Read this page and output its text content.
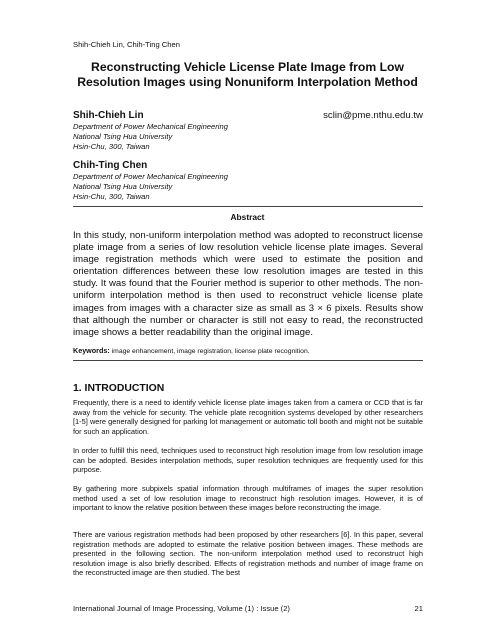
Shih-Chieh Lin, Chih-Ting Chen
Reconstructing Vehicle License Plate Image from Low
Resolution Images using Nonuniform Interpolation Method
Shih-Chieh Lin	sclin@pme.nthu.edu.tw
Department of Power Mechanical Engineering
National Tsing Hua University
Hsin-Chu, 300, Taiwan
Chih-Ting Chen
Department of Power Mechanical Engineering
National Tsing Hua University
Hsin-Chu, 300, Taiwan
Abstract
In this study, non-uniform interpolation method was adopted to reconstruct license plate image from a series of low resolution vehicle license plate images. Several image registration methods which were used to estimate the position and orientation differences between these low resolution images are tested in this study. It was found that the Fourier method is superior to other methods. The non-uniform interpolation method is then used to reconstruct vehicle license plate images from images with a character size as small as 3 × 6 pixels. Results show that although the number or character is still not easy to read, the reconstructed image shows a better readability than the original image.
Keywords: image enhancement, image registration, license plate recognition.
1. INTRODUCTION
Frequently, there is a need to identify vehicle license plate images taken from a camera or CCD that is far away from the vehicle for security. The vehicle plate recognition systems developed by other researchers [1-5] were generally designed for parking lot management or automatic toll booth and might not be suitable for such an application.
In order to fulfill this need, techniques used to reconstruct high resolution image from low resolution image can be adopted. Besides interpolation methods, super resolution techniques are frequently used for this purpose.
By gathering more subpixels spatial information through multiframes of images the super resolution method used a set of low resolution image to reconstruct high resolution images. However, it is of important to know the relative position between these images before reconstructing the image.
There are various registration methods had been proposed by other researchers [6]. In this paper, several registration methods are adopted to estimate the relative position between images. These methods are presented in the following section. The non-uniform interpolation method used to reconstruct high resolution image is also briefly described. Effects of registration methods and number of image frame on the reconstructed image are then studied. The best
International Journal of Image Processing, Volume (1) : Issue (2)	21
